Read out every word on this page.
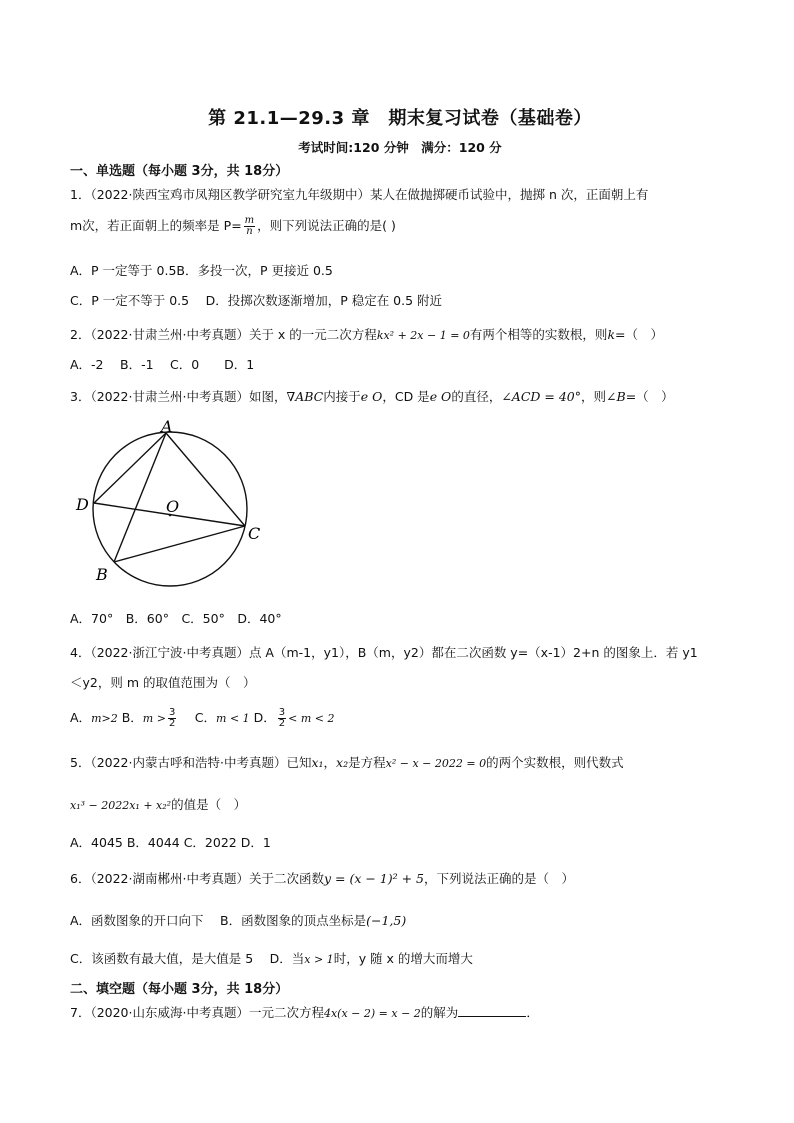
第 21.1—29.3 章　期末复习试卷（基础卷）
考试时间:120 分钟　满分：120 分
一、单选题（每小题 3分，共 18分）
1．（2022·陕西宝鸡市凤翔区教学研究室九年级期中）某人在做抛掷硬币试验中，抛掷 n 次，正面朝上有
m次，若正面朝上的频率是 $P= \frac{m}{n}$ ，则下列说法正确的是( )
A．P 一定等于 0.5B．多投一次，P 更接近 0.5
C．P 一定不等于 0.5　 D．投掷次数逐渐增加，P 稳定在 0.5 附近
2．（2022·甘肃兰州·中考真题）关于 x 的一元二次方程kx² + 2x − 1 = 0有两个相等的实数根，则k=（　）
A．-2　 B．-1　 C．0　　D．1
3．（2022·甘肃兰州·中考真题）如图，∇ABC内接于e O，CD 是e O的直径，∠ACD = 40°，则∠B=（　）
A
D	O
C
B
A．70°　B．60°　C．50°　D．40°
4．（2022·浙江宁波·中考真题）点 A（m-1，y1），B（m，y2）都在二次函数 y=（x-1）2+n 的图象上．若 y1
＜y2，则 m 的取值范围为（　）
A．m>2 B．$m > \frac{3}{2}$ 　 C．m < 1 D． $\frac{3}{2} < m < 2$
5．（2022·内蒙古呼和浩特·中考真题）已知x₁，x₂是方程x² − x − 2022 = 0的两个实数根，则代数式
x₁³ − 2022x₁ + x₂²的值是（　）
A．4045 B．4044 C．2022 D．1
6．（2022·湖南郴州·中考真题）关于二次函数y = (x − 1)² + 5，下列说法正确的是（　）
A．函数图象的开口向下　 B．函数图象的顶点坐标是(−1,5)
C．该函数有最大值，是大值是 5　 D．当x > 1时，y 随 x 的增大而增大
二、填空题（每小题 3分，共 18分）
7．（2020·山东威海·中考真题）一元二次方程4x(x − 2) = x − 2的解为	．
